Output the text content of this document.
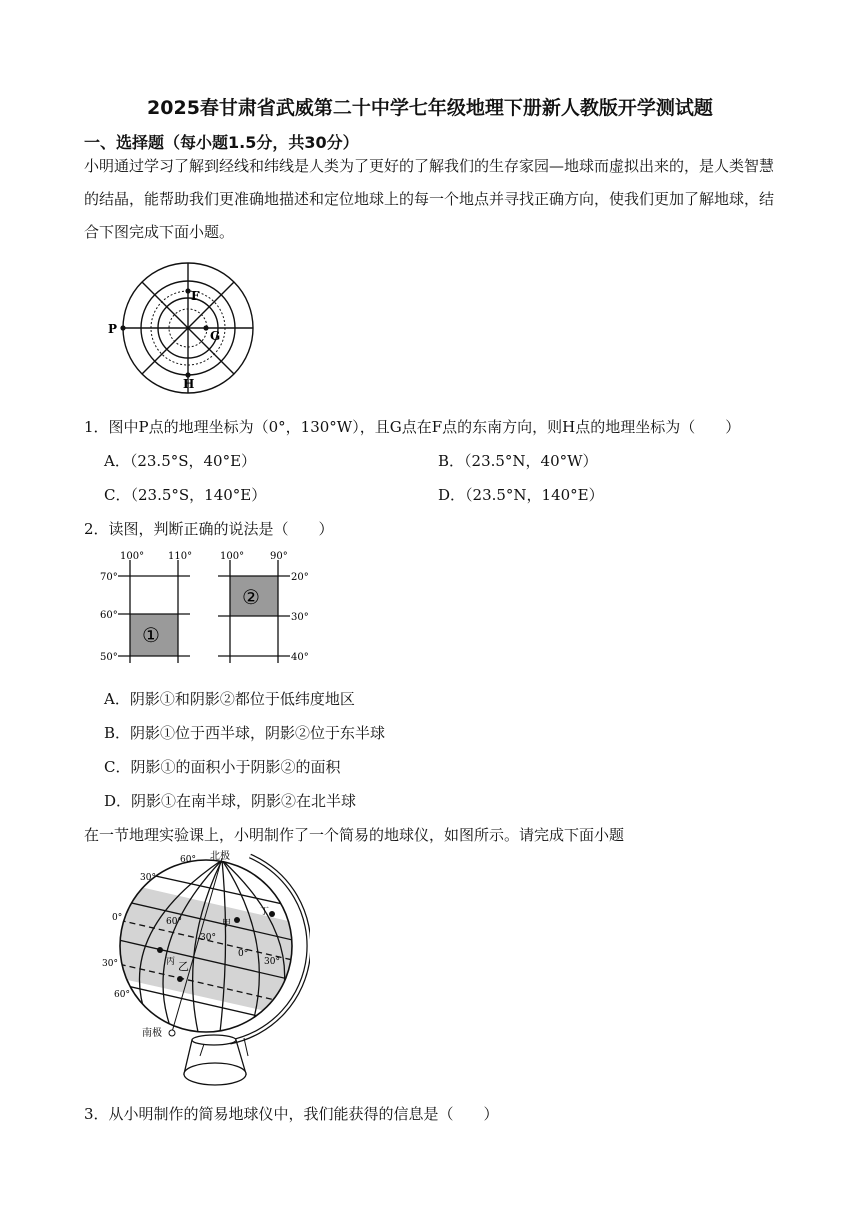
2025春甘肃省武威第二十中学七年级地理下册新人教版开学测试题
一、选择题（每小题1.5分，共30分）
小明通过学习了解到经线和纬线是人类为了更好的了解我们的生存家园—地球而虚拟出来的，是人类智慧的结晶，能帮助我们更准确地描述和定位地球上的每一个地点并寻找正确方向，使我们更加了解地球，结合下图完成下面小题。
F
G
H
P
1．图中P点的地理坐标为（0°，130°W），且G点在F点的东南方向，则H点的地理坐标为（　　）
A．（23.5°S，40°E）	B．（23.5°N，40°W）
C．（23.5°S，140°E）	D．（23.5°N，140°E）
2．读图，判断正确的说法是（　　）
100° 110°
70°
60°
50°
①
100°	90°
20°
30°
40°
②
A．阴影①和阴影②都位于低纬度地区
B．阴影①位于西半球，阴影②位于东半球
C．阴影①的面积小于阴影②的面积
D．阴影①在南半球，阴影②在北半球
在一节地理实验课上，小明制作了一个简易的地球仪，如图所示。请完成下面小题
北极
南极
60°
30°
0°
30°
60°
60°
30°
0°
30°
甲
乙
丙
丁
3．从小明制作的简易地球仪中，我们能获得的信息是（　　）
